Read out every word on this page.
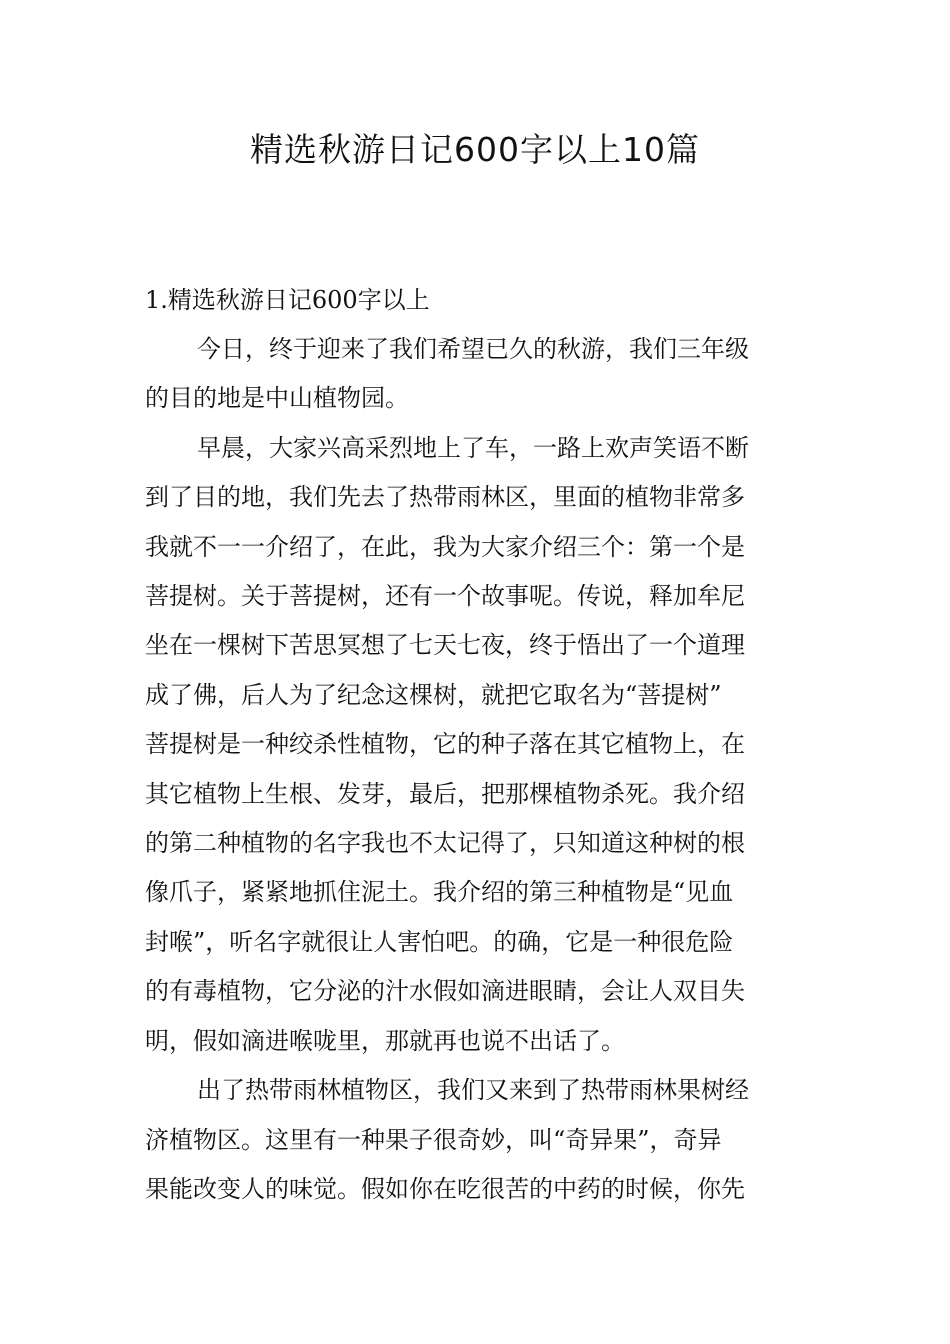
精选秋游日记600字以上10篇

1.精选秋游日记600字以上

今日，终于迎来了我们希望已久的秋游，我们三年级
的目的地是中山植物园。

早晨，大家兴高采烈地上了车，一路上欢声笑语不断
到了目的地，我们先去了热带雨林区，里面的植物非常多
我就不一一介绍了，在此，我为大家介绍三个：第一个是
菩提树。关于菩提树，还有一个故事呢。传说，释加牟尼
坐在一棵树下苦思冥想了七天七夜，终于悟出了一个道理
成了佛，后人为了纪念这棵树，就把它取名为“菩提树”
菩提树是一种绞杀性植物，它的种子落在其它植物上，在
其它植物上生根、发芽，最后，把那棵植物杀死。我介绍
的第二种植物的名字我也不太记得了，只知道这种树的根
像爪子，紧紧地抓住泥土。我介绍的第三种植物是“见血
封喉”，听名字就很让人害怕吧。的确，它是一种很危险
的有毒植物，它分泌的汁水假如滴进眼睛，会让人双目失
明，假如滴进喉咙里，那就再也说不出话了。

出了热带雨林植物区，我们又来到了热带雨林果树经
济植物区。这里有一种果子很奇妙，叫“奇异果”，奇异
果能改变人的味觉。假如你在吃很苦的中药的时候，你先
